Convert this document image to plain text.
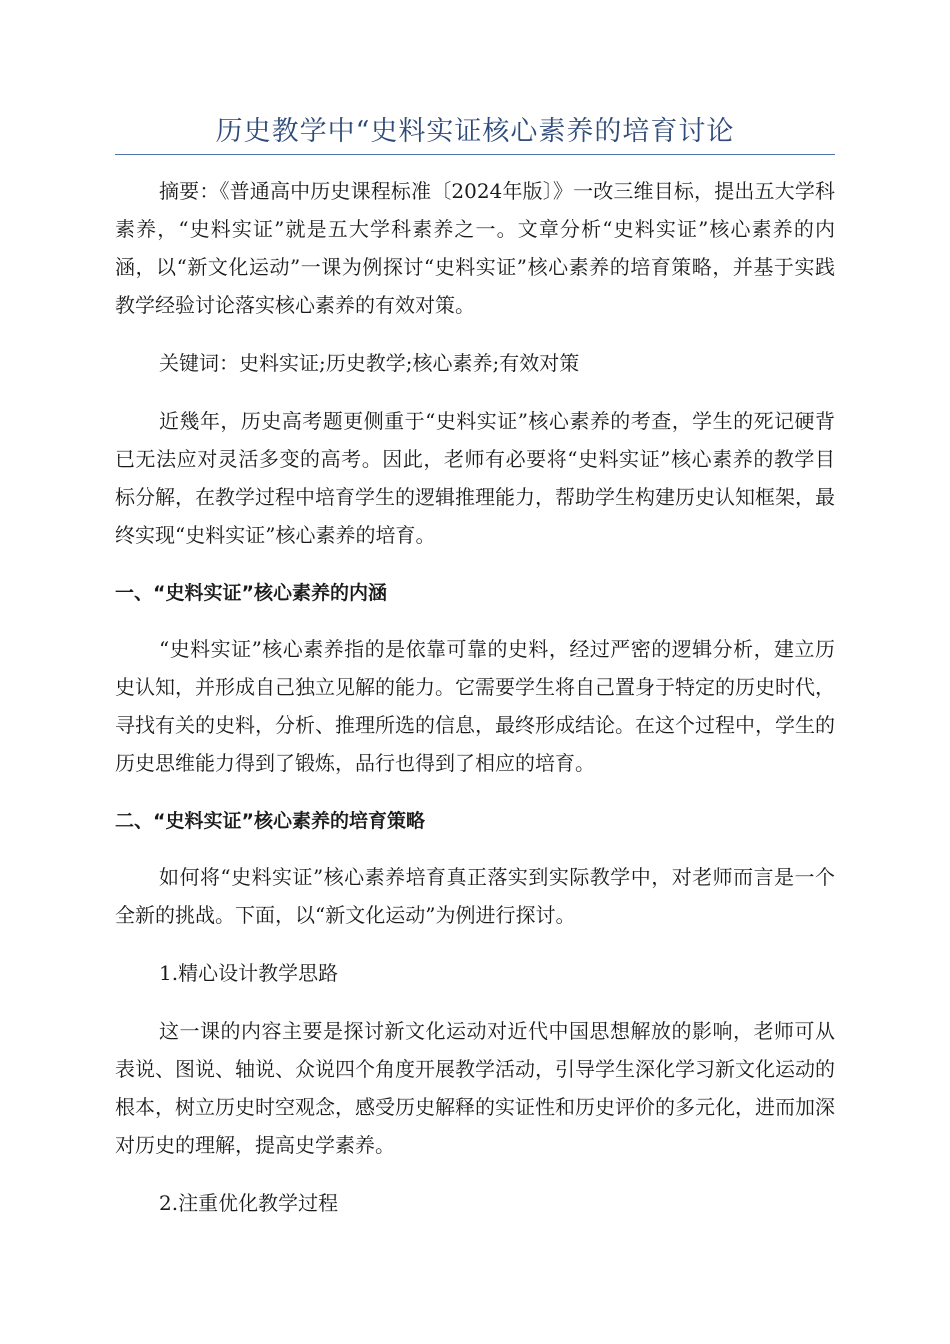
历史教学中“史料实证核心素养的培育讨论

摘要：《普通高中历史课程标准〔2024年版〕》一改三维目标，提出五大学科素养，“史料实证”就是五大学科素养之一。文章分析“史料实证”核心素养的内涵，以“新文化运动”一课为例探讨“史料实证”核心素养的培育策略，并基于实践教学经验讨论落实核心素养的有效对策。

关键词：史料实证;历史教学;核心素养;有效对策

近幾年，历史高考题更侧重于“史料实证”核心素养的考查，学生的死记硬背已无法应对灵活多变的高考。因此，老师有必要将“史料实证”核心素养的教学目标分解，在教学过程中培育学生的逻辑推理能力，帮助学生构建历史认知框架，最终实现“史料实证”核心素养的培育。

一、“史料实证”核心素养的内涵

“史料实证”核心素养指的是依靠可靠的史料，经过严密的逻辑分析，建立历史认知，并形成自己独立见解的能力。它需要学生将自己置身于特定的历史时代，寻找有关的史料，分析、推理所选的信息，最终形成结论。在这个过程中，学生的历史思维能力得到了锻炼，品行也得到了相应的培育。

二、“史料实证”核心素养的培育策略

如何将“史料实证”核心素养培育真正落实到实际教学中，对老师而言是一个全新的挑战。下面，以“新文化运动”为例进行探讨。

1.精心设计教学思路

这一课的内容主要是探讨新文化运动对近代中国思想解放的影响，老师可从表说、图说、轴说、众说四个角度开展教学活动，引导学生深化学习新文化运动的根本，树立历史时空观念，感受历史解释的实证性和历史评价的多元化，进而加深对历史的理解，提高史学素养。

2.注重优化教学过程
